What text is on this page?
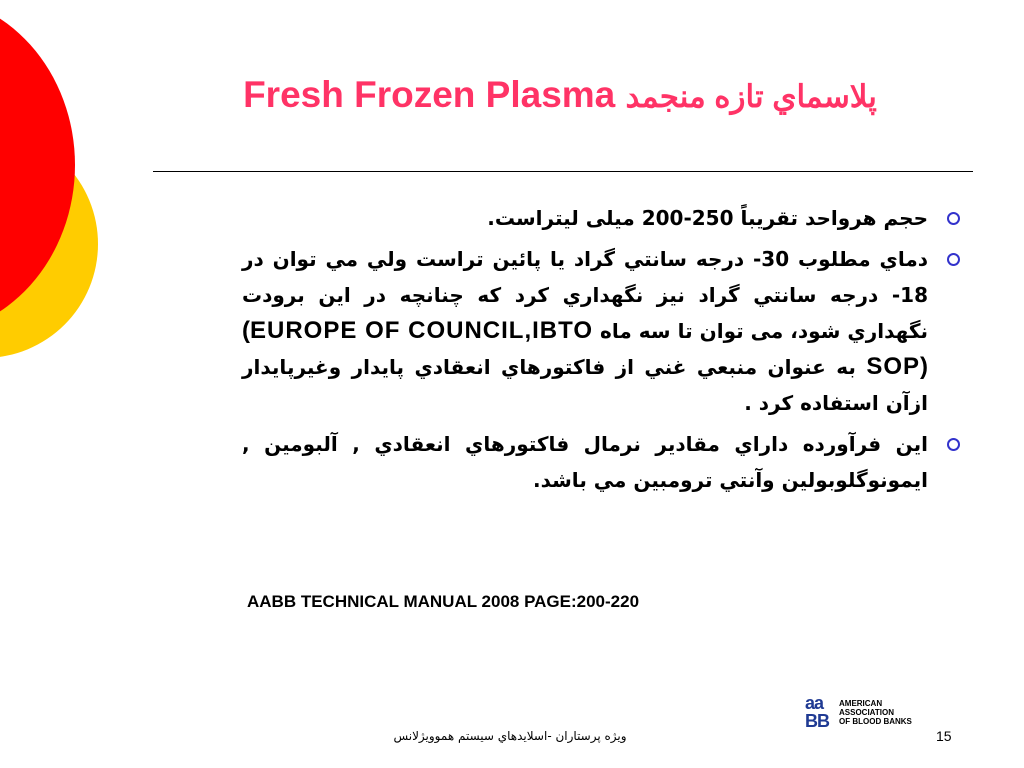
Fresh Frozen Plasma پلاسماي تازه منجمد
حجم هرواحد تقريباً 250-200 میلی لیتراست.
دماي مطلوب 30- درجه سانتي گراد يا پائين تراست ولي مي توان در 18- درجه سانتي گراد نيز نگهداري كرد كه چنانچه در اين برودت نگهداري شود، می توان تا سه ماه (EUROPE OF COUNCIL,IBTO SOP) به عنوان منبعي غني از فاكتورهاي انعقادي پايدار وغيرپايدار ازآن استفاده كرد .
اين فرآورده داراي مقادير نرمال فاكتورهاي انعقادي , آلبومين , ايمونوگلوبولين وآنتي ترومبين مي باشد.
AABB TECHNICAL MANUAL 2008 PAGE:200-220
aa
BB
AMERICAN
ASSOCIATION
OF BLOOD BANKS
ويژه پرستاران -اسلايدهاي سيستم هموويژلانس	15
